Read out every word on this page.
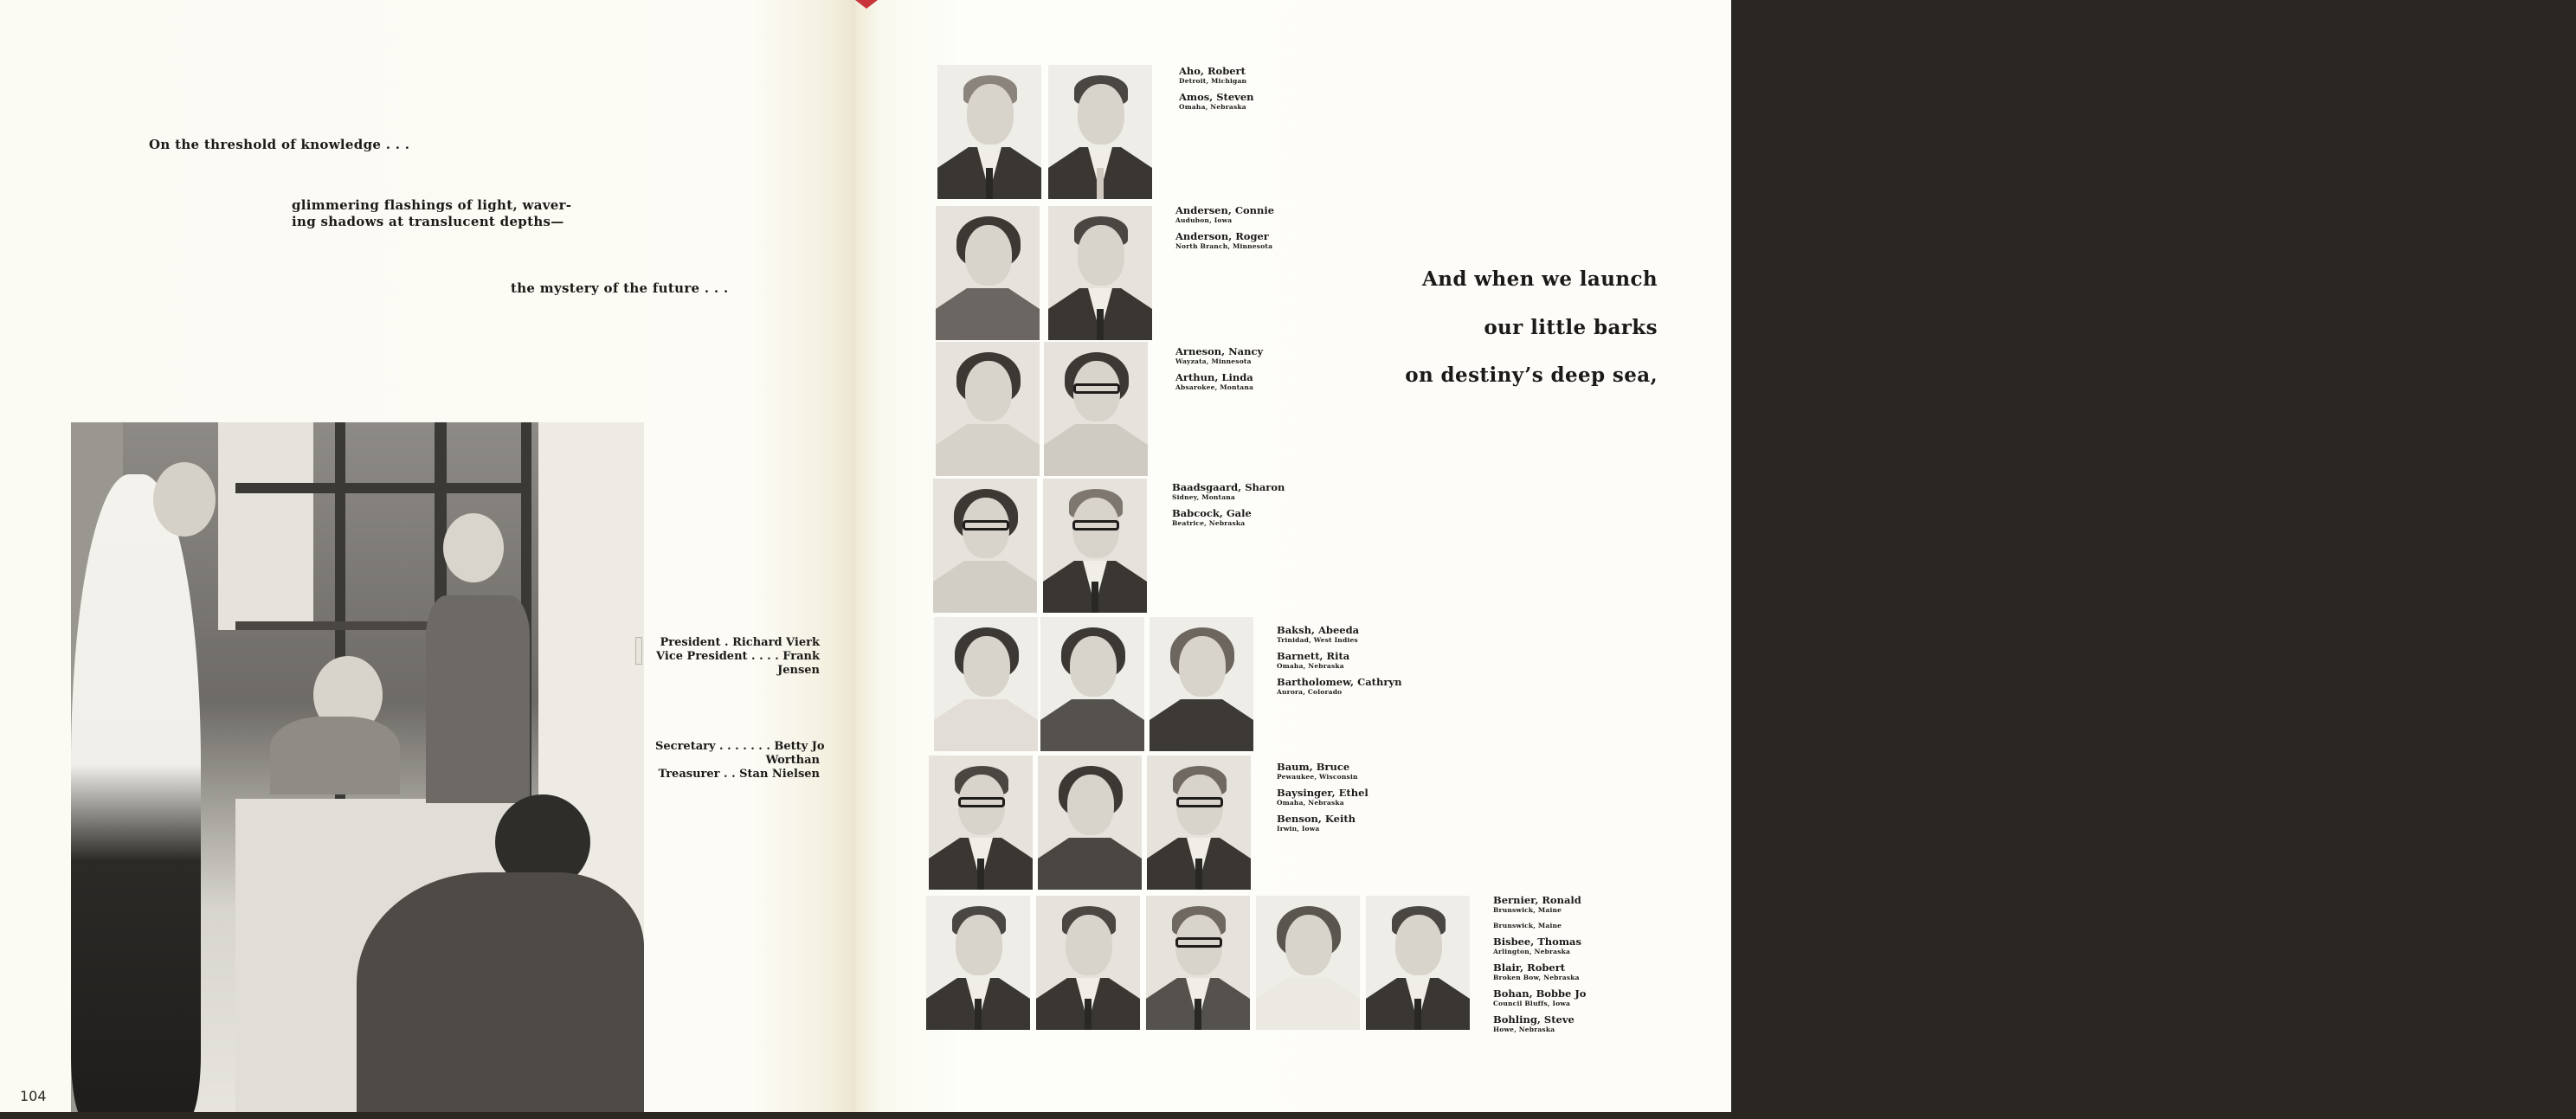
On the threshold of knowledge . . .
glimmering flashings of light, waver-
ing shadows at translucent depths—
the mystery of the future . . .
President . Richard Vierk
Vice President . . . . Frank
Jensen
Secretary . . . . . . . Betty Jo
Worthan
Treasurer . . Stan Nielsen
104
And when we launch
our little barks
on destiny’s deep sea,
Aho, Robert
Detroit, Michigan
Amos, Steven
Omaha, Nebraska
Andersen, Connie
Audubon, Iowa
Anderson, Roger
North Branch, Minnesota
Arneson, Nancy
Wayzata, Minnesota
Arthun, Linda
Absarokee, Montana
Baadsgaard, Sharon
Sidney, Montana
Babcock, Gale
Beatrice, Nebraska
Baksh, Abeeda
Trinidad, West Indies
Barnett, Rita
Omaha, Nebraska
Bartholomew, Cathryn
Aurora, Colorado
Baum, Bruce
Pewaukee, Wisconsin
Baysinger, Ethel
Omaha, Nebraska
Benson, Keith
Irwin, Iowa
Bernier, Ronald
Brunswick, Maine
Brunswick, Maine
Bisbee, Thomas
Arlington, Nebraska
Blair, Robert
Broken Bow, Nebraska
Bohan, Bobbe Jo
Council Bluffs, Iowa
Bohling, Steve
Howe, Nebraska
105
